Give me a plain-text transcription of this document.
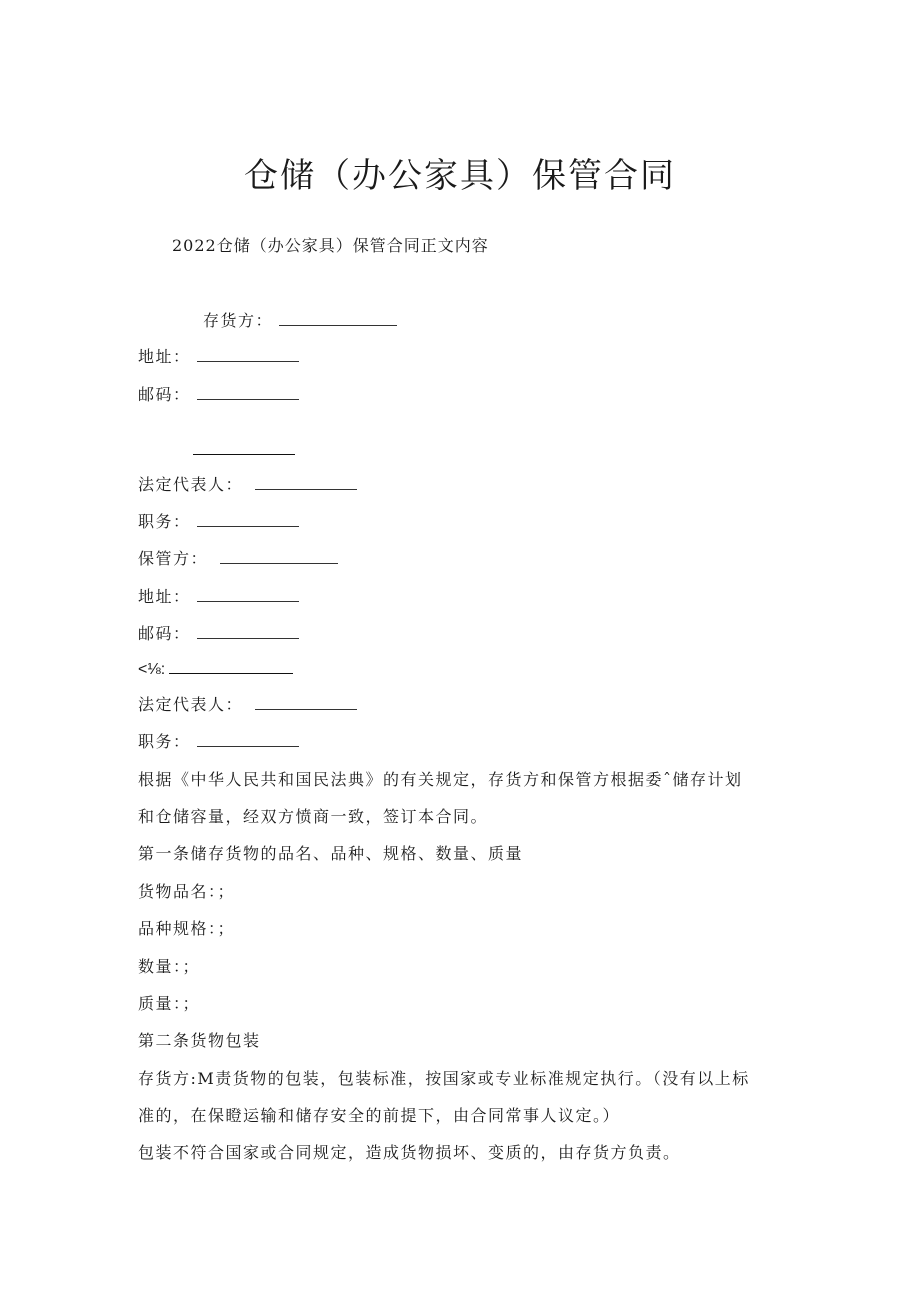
仓储（办公家具）保管合同
2022仓储（办公家具）保管合同正文内容
存货方：
地址：
邮码：
法定代表人：
职务：
保管方：
地址：
邮码：
<⅛:
法定代表人：
职务：
根据《中华人民共和国民法典》的有关规定，存货方和保管方根据委ˆ储存计划
和仓储容量，经双方愤商一致，签订本合同。
第一条储存货物的品名、品种、规格、数量、质量
货物品名：；
品种规格：；
数量：；
质量：；
第二条货物包装
存货方:M责货物的包装，包装标准，按国家或专业标准规定执行。（没有以上标
准的，在保瞪运输和储存安全的前提下，由合同常事人议定。）
包装不符合国家或合同规定，造成货物损坏、变质的，由存货方负责。
